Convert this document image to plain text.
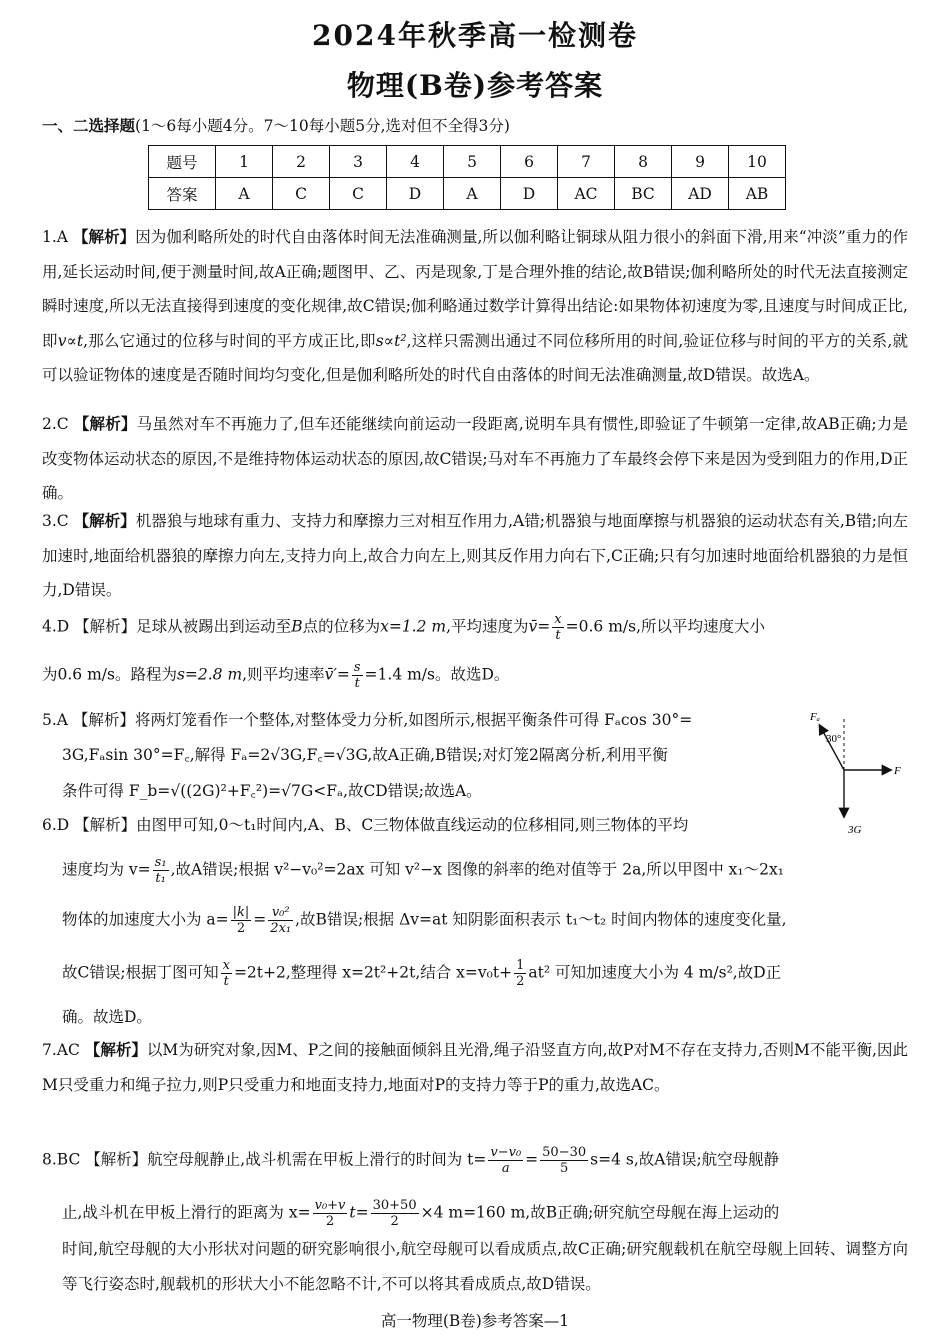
2024年秋季高一检测卷
物理(B卷)参考答案
一、二选择题(1～6每小题4分。7～10每小题5分,选对但不全得3分)
题号	1	2	3	4	5	6	7	8	9	10
答案	A	C	C	D	A	D	AC	BC	AD	AB
1.A 【解析】因为伽利略所处的时代自由落体时间无法准确测量,所以伽利略让铜球从阻力很小的斜面下滑,用来“冲淡”重力的作用,延长运动时间,便于测量时间,故A正确;题图甲、乙、丙是现象,丁是合理外推的结论,故B错误;伽利略所处的时代无法直接测定瞬时速度,所以无法直接得到速度的变化规律,故C错误;伽利略通过数学计算得出结论:如果物体初速度为零,且速度与时间成正比,即v∝t,那么它通过的位移与时间的平方成正比,即s∝t²,这样只需测出通过不同位移所用的时间,验证位移与时间的平方的关系,就可以验证物体的速度是否随时间均匀变化,但是伽利略所处的时代自由落体的时间无法准确测量,故D错误。故选A。
2.C 【解析】马虽然对车不再施力了,但车还能继续向前运动一段距离,说明车具有惯性,即验证了牛顿第一定律,故AB正确;力是改变物体运动状态的原因,不是维持物体运动状态的原因,故C错误;马对车不再施力了车最终会停下来是因为受到阻力的作用,D正确。
3.C 【解析】机器狼与地球有重力、支持力和摩擦力三对相互作用力,A错;机器狼与地面摩擦与机器狼的运动状态有关,B错;向左加速时,地面给机器狼的摩擦力向左,支持力向上,故合力向左上,则其反作用力向右下,C正确;只有匀加速时地面给机器狼的力是恒力,D错误。
4.D 【解析】足球从被踢出到运动至B点的位移为x=1.2 m,平均速度为v̄= $\frac{x}{t} =0.6$ m/s,所以平均速度大小
为0.6 m/s。路程为s=2.8 m,则平均速率v̄′= $\frac{s}{t} =1.4$ m/s。故选D。
5.A 【解析】将两灯笼看作一个整体,对整体受力分析,如图所示,根据平衡条件可得 Fₐcos 30°=
3G,Fₐsin 30°=F꜀,解得 Fₐ=2√3G,F꜀=√3G,故A正确,B错误;对灯笼2隔离分析,利用平衡
条件可得 F_b=√((2G)²+F꜀²)=√7G<Fₐ,故CD错误;故选A。
Fₐ
30°
F
3G
6.D 【解析】由图甲可知,0～t₁时间内,A、B、C三物体做直线运动的位移相同,则三物体的平均
速度均为 $v= \frac{\text{s₁}}{\text{t₁}}$ ,故A错误;根据 v²−v₀²=2ax 可知 v²−x 图像的斜率的绝对值等于 2a,所以甲图中 x₁～2x₁
物体的加速度大小为 $a= \frac{|k|}{2} = \frac{\text{v₀²}}{\text{2x₁}}$ ,故B错误;根据 Δv=at 知阴影面积表示 t₁～t₂ 时间内物体的速度变化量,
故C错误;根据丁图可知 $\frac{x}{t} =2t+2$,整理得 x=2t²+2t,结合 $x=v_0t+ \frac{1}{2} at^2$ 可知加速度大小为 4 m/s²,故D正
确。故选D。
7.AC 【解析】以M为研究对象,因M、P之间的接触面倾斜且光滑,绳子沿竖直方向,故P对M不存在支持力,否则M不能平衡,因此M只受重力和绳子拉力,则P只受重力和地面支持力,地面对P的支持力等于P的重力,故选AC。
8.BC 【解析】航空母舰静止,战斗机需在甲板上滑行的时间为 $t= \frac{\text{v−v₀}}{a} = \frac{50-30}{5} s=4$ s,故A错误;航空母舰静
止,战斗机在甲板上滑行的距离为 $x= \frac{\text{v₀+v}}{2} t= \frac{30+50}{2} \times 4$ m=160 m,故B正确;研究航空母舰在海上运动的
时间,航空母舰的大小形状对问题的研究影响很小,航空母舰可以看成质点,故C正确;研究舰载机在航空母舰上回转、调整方向等飞行姿态时,舰载机的形状大小不能忽略不计,不可以将其看成质点,故D错误。
高一物理(B卷)参考答案—1
